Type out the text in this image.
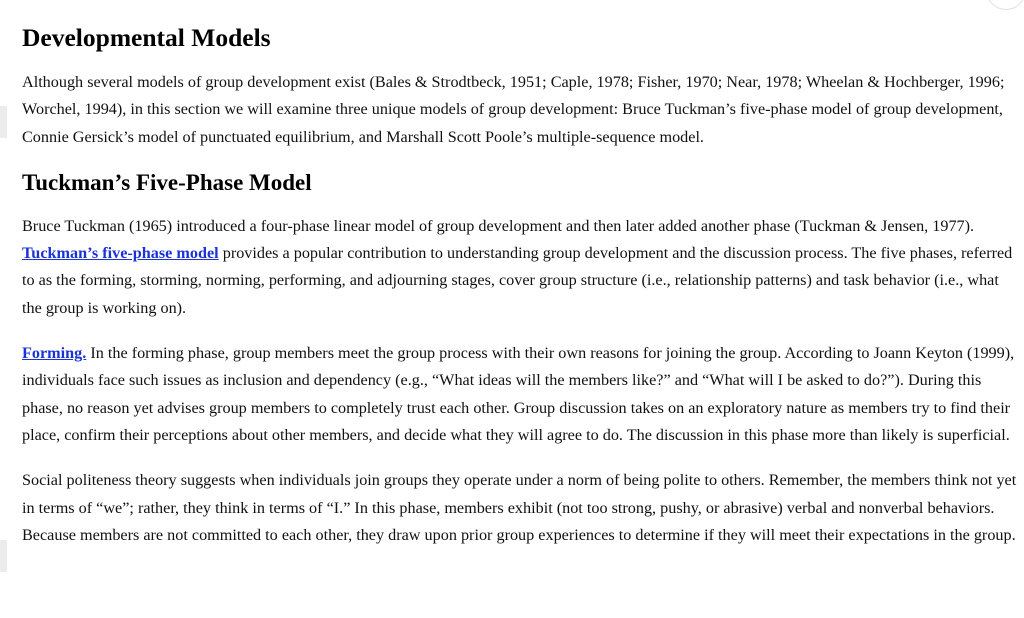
Developmental Models

Although several models of group development exist (Bales & Strodtbeck, 1951; Caple, 1978; Fisher, 1970; Near, 1978; Wheelan & Hochberger, 1996; Worchel, 1994), in this section we will examine three unique models of group development: Bruce Tuckman’s five-phase model of group development, Connie Gersick’s model of punctuated equilibrium, and Marshall Scott Poole’s multiple-sequence model.

Tuckman’s Five-Phase Model

Bruce Tuckman (1965) introduced a four-phase linear model of group development and then later added another phase (Tuckman & Jensen, 1977). Tuckman’s five-phase model provides a popular contribution to understanding group development and the discussion process. The five phases, referred to as the forming, storming, norming, performing, and adjourning stages, cover group structure (i.e., relationship patterns) and task behavior (i.e., what the group is working on).

Forming. In the forming phase, group members meet the group process with their own reasons for joining the group. According to Joann Keyton (1999), individuals face such issues as inclusion and dependency (e.g., “What ideas will the members like?” and “What will I be asked to do?”). During this phase, no reason yet advises group members to completely trust each other. Group discussion takes on an exploratory nature as members try to find their place, confirm their perceptions about other members, and decide what they will agree to do. The discussion in this phase more than likely is superficial.

Social politeness theory suggests when individuals join groups they operate under a norm of being polite to others. Remember, the members think not yet in terms of “we”; rather, they think in terms of “I.” In this phase, members exhibit (not too strong, pushy, or abrasive) verbal and nonverbal behaviors. Because members are not committed to each other, they draw upon prior group experiences to determine if they will meet their expectations in the group.
